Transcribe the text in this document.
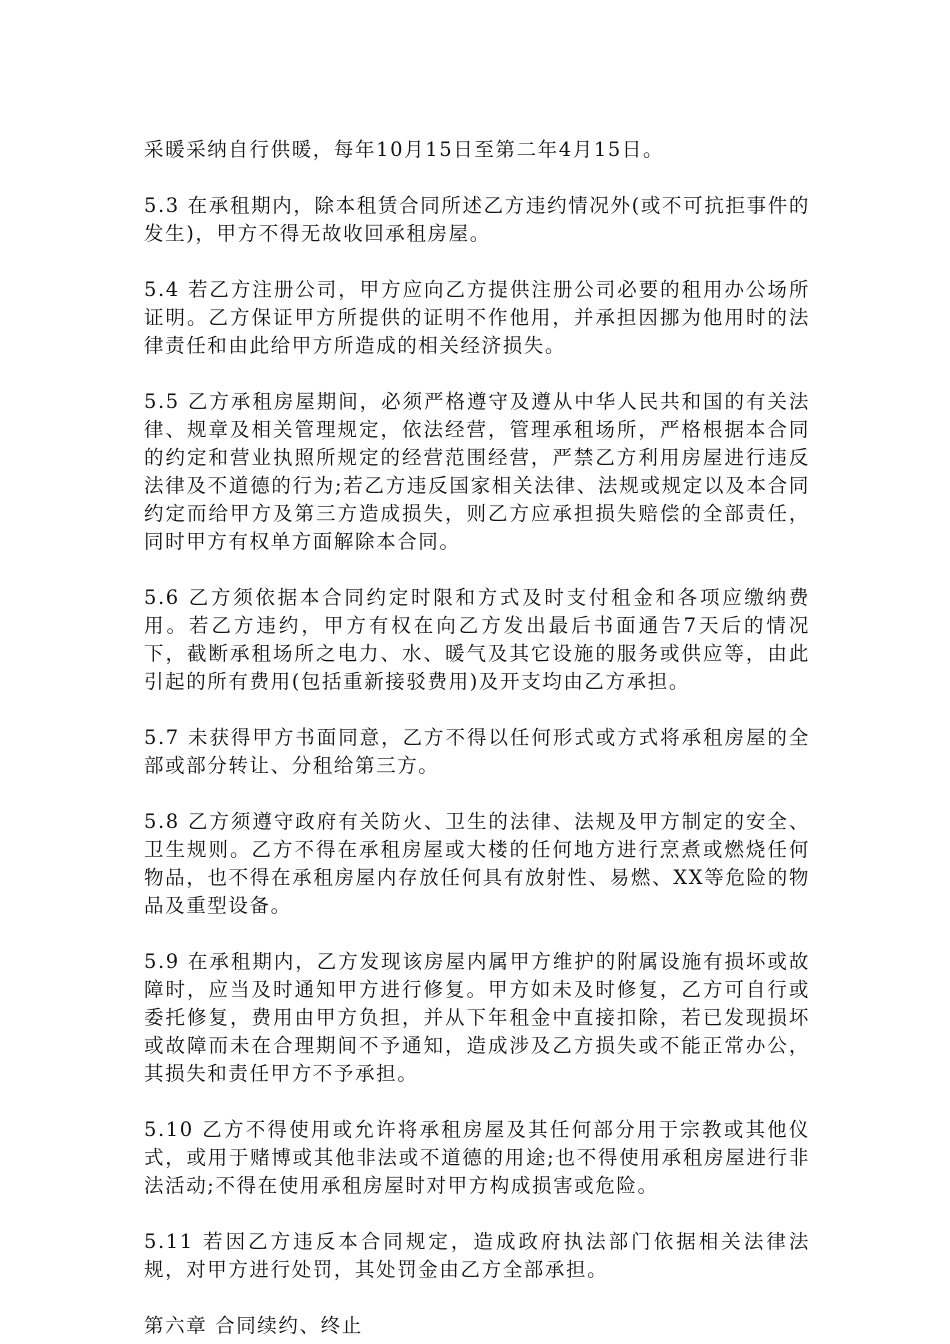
采暖采纳自行供暖，每年10月15日至第二年4月15日。

5.3 在承租期内，除本租赁合同所述乙方违约情况外(或不可抗拒事件的发生)，甲方不得无故收回承租房屋。

5.4 若乙方注册公司，甲方应向乙方提供注册公司必要的租用办公场所证明。乙方保证甲方所提供的证明不作他用，并承担因挪为他用时的法律责任和由此给甲方所造成的相关经济损失。

5.5 乙方承租房屋期间，必须严格遵守及遵从中华人民共和国的有关法律、规章及相关管理规定，依法经营，管理承租场所，严格根据本合同的约定和营业执照所规定的经营范围经营，严禁乙方利用房屋进行违反法律及不道德的行为;若乙方违反国家相关法律、法规或规定以及本合同约定而给甲方及第三方造成损失，则乙方应承担损失赔偿的全部责任，同时甲方有权单方面解除本合同。

5.6 乙方须依据本合同约定时限和方式及时支付租金和各项应缴纳费用。若乙方违约，甲方有权在向乙方发出最后书面通告7天后的情况下，截断承租场所之电力、水、暖气及其它设施的服务或供应等，由此引起的所有费用(包括重新接驳费用)及开支均由乙方承担。

5.7 未获得甲方书面同意，乙方不得以任何形式或方式将承租房屋的全部或部分转让、分租给第三方。

5.8 乙方须遵守政府有关防火、卫生的法律、法规及甲方制定的安全、卫生规则。乙方不得在承租房屋或大楼的任何地方进行烹煮或燃烧任何物品，也不得在承租房屋内存放任何具有放射性、易燃、XX等危险的物品及重型设备。

5.9 在承租期内，乙方发现该房屋内属甲方维护的附属设施有损坏或故障时，应当及时通知甲方进行修复。甲方如未及时修复，乙方可自行或委托修复，费用由甲方负担，并从下年租金中直接扣除，若已发现损坏或故障而未在合理期间不予通知，造成涉及乙方损失或不能正常办公，其损失和责任甲方不予承担。

5.10 乙方不得使用或允许将承租房屋及其任何部分用于宗教或其他仪式，或用于赌博或其他非法或不道德的用途;也不得使用承租房屋进行非法活动;不得在使用承租房屋时对甲方构成损害或危险。

5.11 若因乙方违反本合同规定，造成政府执法部门依据相关法律法规，对甲方进行处罚，其处罚金由乙方全部承担。

第六章 合同续约、终止
